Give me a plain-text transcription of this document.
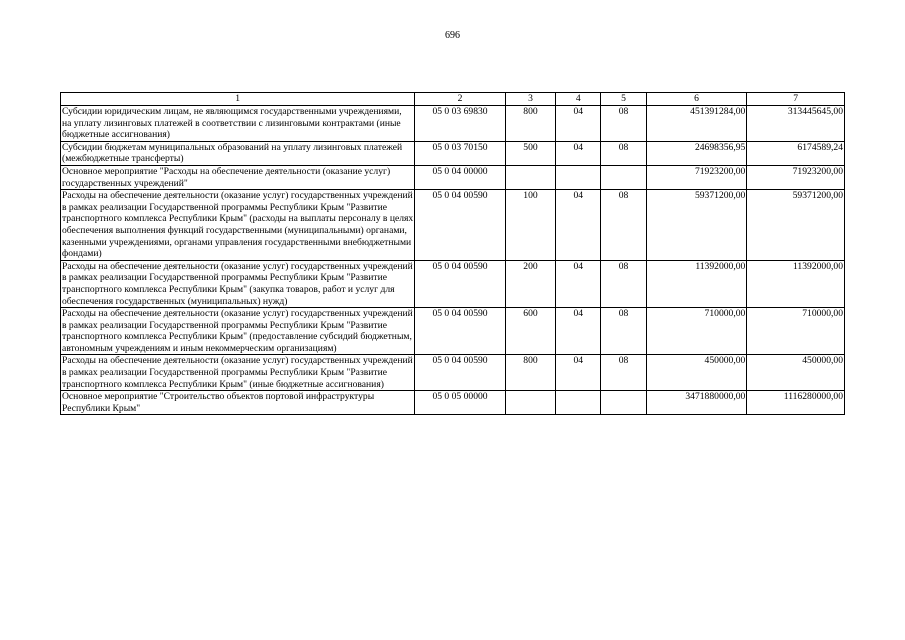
696
1	2	3	4	5	6	7
Субсидии юридическим лицам, не являющимся государственными учреждениями, на уплату лизинговых платежей в соответствии с лизинговыми контрактами (иные бюджетные ассигнования)	05 0 03 69830	800	04	08	451391284,00	313445645,00
Субсидии бюджетам муниципальных образований на уплату лизинговых платежей (межбюджетные трансферты)	05 0 03 70150	500	04	08	24698356,95	6174589,24
Основное мероприятие "Расходы на обеспечение деятельности (оказание услуг) государственных учреждений"	05 0 04 00000				71923200,00	71923200,00
Расходы на обеспечение деятельности (оказание услуг) государственных учреждений в рамках реализации Государственной программы Республики Крым "Развитие транспортного комплекса Республики Крым" (расходы на выплаты персоналу в целях обеспечения выполнения функций государственными (муниципальными) органами, казенными учреждениями, органами управления государственными внебюджетными фондами)	05 0 04 00590	100	04	08	59371200,00	59371200,00
Расходы на обеспечение деятельности (оказание услуг) государственных учреждений в рамках реализации Государственной программы Республики Крым "Развитие транспортного комплекса Республики Крым" (закупка товаров, работ и услуг для обеспечения государственных (муниципальных) нужд)	05 0 04 00590	200	04	08	11392000,00	11392000,00
Расходы на обеспечение деятельности (оказание услуг) государственных учреждений в рамках реализации Государственной программы Республики Крым "Развитие транспортного комплекса Республики Крым" (предоставление субсидий бюджетным, автономным учреждениям и иным некоммерческим организациям)	05 0 04 00590	600	04	08	710000,00	710000,00
Расходы на обеспечение деятельности (оказание услуг) государственных учреждений в рамках реализации Государственной программы Республики Крым "Развитие транспортного комплекса Республики Крым" (иные бюджетные ассигнования)	05 0 04 00590	800	04	08	450000,00	450000,00
Основное мероприятие "Строительство объектов портовой инфраструктуры Республики Крым"	05 0 05 00000				3471880000,00	1116280000,00
